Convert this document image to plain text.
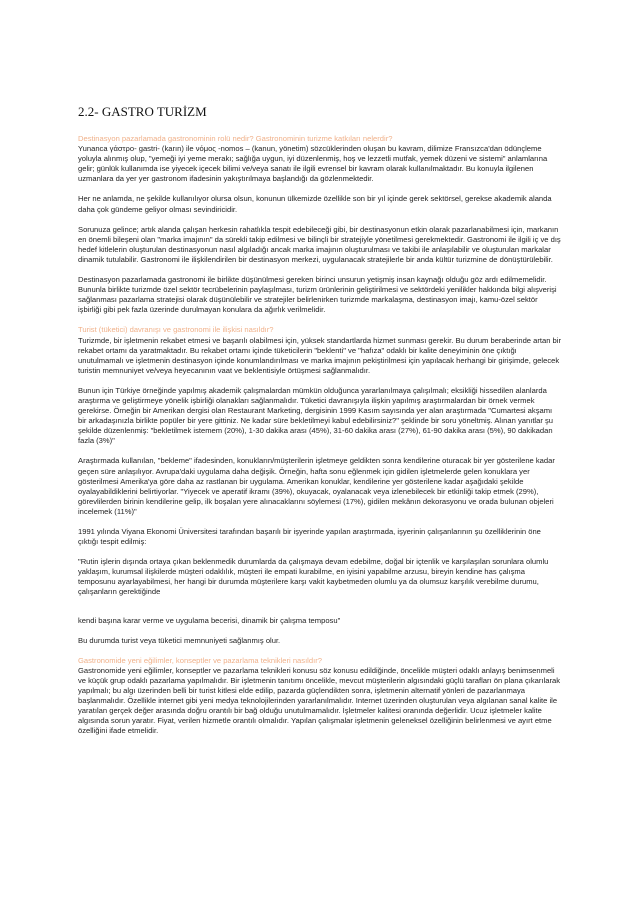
2.2- GASTRO TURİZM
Destinasyon pazarlamada gastronominin rolü nedir? Gastronominin turizme katkıları nelerdir?

Yunanca γάστρο- gastri- (karın) ile νόμος -nomos – (kanun, yönetim) sözcüklerinden oluşan bu kavram, dilimize Fransızca'dan ödünçleme yoluyla alınmış olup, "yemeği iyi yeme merakı; sağlığa uygun, iyi düzenlenmiş, hoş ve lezzetli mutfak, yemek düzeni ve sistemi" anlamlarına gelir; günlük kullanımda ise yiyecek içecek bilimi ve/veya sanatı ile ilgili evrensel bir kavram olarak kullanılmaktadır. Bu konuyla ilgilenen uzmanlara da yer yer gastronom ifadesinin yakıştırılmaya başlandığı da gözlenmektedir.

Her ne anlamda, ne şekilde kullanılıyor olursa olsun, konunun ülkemizde özellikle son bir yıl içinde gerek sektörsel, gerekse akademik alanda daha çok gündeme geliyor olması sevindiricidir.

Sorunuza gelince; artık alanda çalışan herkesin rahatlıkla tespit edebileceği gibi, bir destinasyonun etkin olarak pazarlanabilmesi için, markanın en önemli bileşeni olan "marka imajının" da sürekli takip edilmesi ve bilinçli bir stratejiyle yönetilmesi gerekmektedir. Gastronomi ile ilgili iç ve dış hedef kitlelerin oluşturulan destinasyonun nasıl algıladığı ancak marka imajının oluşturulması ve takibi ile anlaşılabilir ve oluşturulan markalar dinamik tutulabilir. Gastronomi ile ilişkilendirilen bir destinasyon merkezi, uygulanacak stratejilerle bir anda kültür turizmine de dönüştürülebilir.

Destinasyon pazarlamada gastronomi ile birlikte düşünülmesi gereken birinci unsurun yetişmiş insan kaynağı olduğu göz ardı edilmemelidir. Bununla birlikte turizmde özel sektör tecrübelerinin paylaşılması, turizm ürünlerinin geliştirilmesi ve sektördeki yenilikler hakkında bilgi alışverişi sağlanması pazarlama stratejisi olarak düşünülebilir ve stratejiler belirlenirken turizmde markalaşma, destinasyon imajı, kamu-özel sektör işbirliği gibi pek fazla üzerinde durulmayan konulara da ağırlık verilmelidir.

Turist (tüketici) davranışı ve gastronomi ile ilişkisi nasıldır?

Turizmde, bir işletmenin rekabet etmesi ve başarılı olabilmesi için, yüksek standartlarda hizmet sunması gerekir. Bu durum beraberinde artan bir rekabet ortamı da yaratmaktadır. Bu rekabet ortamı içinde tüketicilerin "beklenti" ve "hafıza" odaklı bir kalite deneyiminin öne çıktığı unutulmamalı ve işletmenin destinasyon içinde konumlandırılması ve marka imajının pekiştirilmesi için yapılacak herhangi bir girişimde, gelecek turistin memnuniyet ve/veya heyecanının vaat ve beklentisiyle örtüşmesi sağlanmalıdır.

Bunun için Türkiye örneğinde yapılmış akademik çalışmalardan mümkün olduğunca yararlanılmaya çalışılmalı; eksikliği hissedilen alanlarda araştırma ve geliştirmeye yönelik işbirliği olanakları sağlanmalıdır. Tüketici davranışıyla ilişkin yapılmış araştırmalardan bir örnek vermek gerekirse. Örneğin bir Amerikan dergisi olan Restaurant Marketing, dergisinin 1999 Kasım sayısında yer alan araştırmada "Cumartesi akşamı bir arkadaşınızla birlikte popüler bir yere gittiniz. Ne kadar süre bekletilmeyi kabul edebilirsiniz?" şeklinde bir soru yöneltmiş. Alınan yanıtlar şu şekilde düzenlenmiş: "bekletilmek istemem (20%), 1-30 dakika arası (45%), 31-60 dakika arası (27%), 61-90 dakika arası (5%), 90 dakikadan fazla (3%)"

Araştırmada kullanılan, "bekleme" ifadesinden, konukların/müşterilerin işletmeye geldikten sonra kendilerine oturacak bir yer gösterilene kadar geçen süre anlaşılıyor. Avrupa'daki uygulama daha değişik. Örneğin, hafta sonu eğlenmek için gidilen işletmelerde gelen konuklara yer gösterilmesi Amerika'ya göre daha az rastlanan bir uygulama. Amerikan konuklar, kendilerine yer gösterilene kadar aşağıdaki şekilde oyalayabildiklerini belirtiyorlar. "Yiyecek ve aperatif ikramı (39%), okuyacak, oyalanacak veya izlenebilecek bir etkinliği takip etmek (29%), görevlilerden birinin kendilerine gelip, ilk boşalan yere alınacaklarını söylemesi (17%), gidilen mekânın dekorasyonu ve orada bulunan objeleri incelemek (11%)"

1991 yılında Viyana Ekonomi Üniversitesi tarafından başarılı bir işyerinde yapılan araştırmada, işyerinin çalışanlarının şu özelliklerinin öne çıktığı tespit edilmiş:

"Rutin işlerin dışında ortaya çıkan beklenmedik durumlarda da çalışmaya devam edebilme, doğal bir içtenlik ve karşılaşılan sorunlara olumlu yaklaşım, kurumsal ilişkilerde müşteri odaklılık, müşteri ile empati kurabilme, en iyisini yapabilme arzusu, bireyin kendine has çalışma temposunu ayarlayabilmesi, her hangi bir durumda müşterilere karşı vakit kaybetmeden olumlu ya da olumsuz karşılık verebilme durumu, çalışanların gerektiğinde

kendi başına karar verme ve uygulama becerisi, dinamik bir çalışma temposu"

Bu durumda turist veya tüketici memnuniyeti sağlanmış olur.

Gastronomide yeni eğilimler, konseptler ve pazarlama teknikleri nasıldır?

Gastronomide yeni eğilimler, konseptler ve pazarlama teknikleri konusu söz konusu edildiğinde, öncelikle müşteri odaklı anlayış benimsenmeli ve küçük grup odaklı pazarlama yapılmalıdır. Bir işletmenin tanıtımı öncelikle, mevcut müşterilerin algısındaki güçlü tarafları ön plana çıkarılarak yapılmalı; bu algı üzerinden belli bir turist kitlesi elde edilip, pazarda güçlendikten sonra, işletmenin alternatif yönleri de pazarlanmaya başlanmalıdır. Özellikle internet gibi yeni medya teknolojilerinden yararlanılmalıdır. Internet üzerinden oluşturulan veya algılanan sanal kalite ile yaratılan gerçek değer arasında doğru orantılı bir bağ olduğu unutulmamalıdır. İşletmeler kalitesi oranında değerlidir. Ucuz işletmeler kalite algısında sorun yaratır. Fiyat, verilen hizmetle orantılı olmalıdır. Yapılan çalışmalar işletmenin geleneksel özelliğinin belirlenmesi ve ayırt etme özelliğini ifade etmelidir.
